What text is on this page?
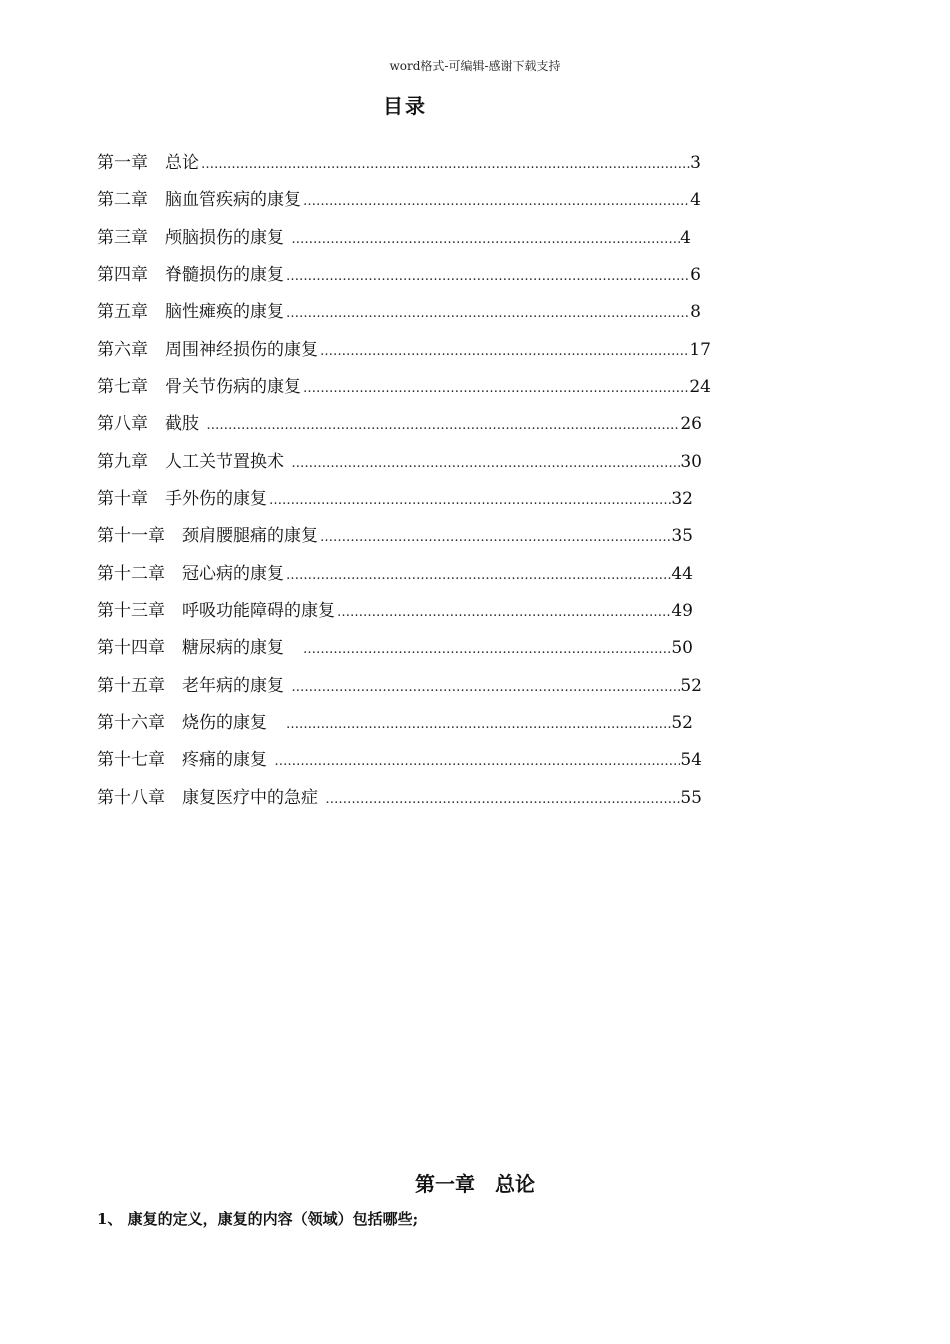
word格式-可编辑-感谢下载支持
目录
第一章　总论 ……………………………………………………………………………………………………………………………………………………………………………………………………	3
第二章　脑血管疾病的康复 ……………………………………………………………………………………………………………………………………………………………………………………………………	4
第三章　颅脑损伤的康复 ……………………………………………………………………………………………………………………………………………………………………………………………………	4
第四章　脊髓损伤的康复 ……………………………………………………………………………………………………………………………………………………………………………………………………	6
第五章　脑性瘫痪的康复 ……………………………………………………………………………………………………………………………………………………………………………………………………	8
第六章　周围神经损伤的康复 ……………………………………………………………………………………………………………………………………………………………………………………………………	17
第七章　骨关节伤病的康复 ……………………………………………………………………………………………………………………………………………………………………………………………………	24
第八章　截肢 ……………………………………………………………………………………………………………………………………………………………………………………………………	26
第九章　人工关节置换术 ……………………………………………………………………………………………………………………………………………………………………………………………………	30
第十章　手外伤的康复 ……………………………………………………………………………………………………………………………………………………………………………………………………	32
第十一章　颈肩腰腿痛的康复 ……………………………………………………………………………………………………………………………………………………………………………………………………	35
第十二章　冠心病的康复 ……………………………………………………………………………………………………………………………………………………………………………………………………	44
第十三章　呼吸功能障碍的康复 ……………………………………………………………………………………………………………………………………………………………………………………………………	49
第十四章　糖尿病的康复　 ……………………………………………………………………………………………………………………………………………………………………………………………………	50
第十五章　老年病的康复 ……………………………………………………………………………………………………………………………………………………………………………………………………	52
第十六章　烧伤的康复　 ……………………………………………………………………………………………………………………………………………………………………………………………………	52
第十七章　疼痛的康复 ……………………………………………………………………………………………………………………………………………………………………………………………………	54
第十八章　康复医疗中的急症 ……………………………………………………………………………………………………………………………………………………………………………………………………	55
第一章　总论
1、 康复的定义，康复的内容（领域）包括哪些;
